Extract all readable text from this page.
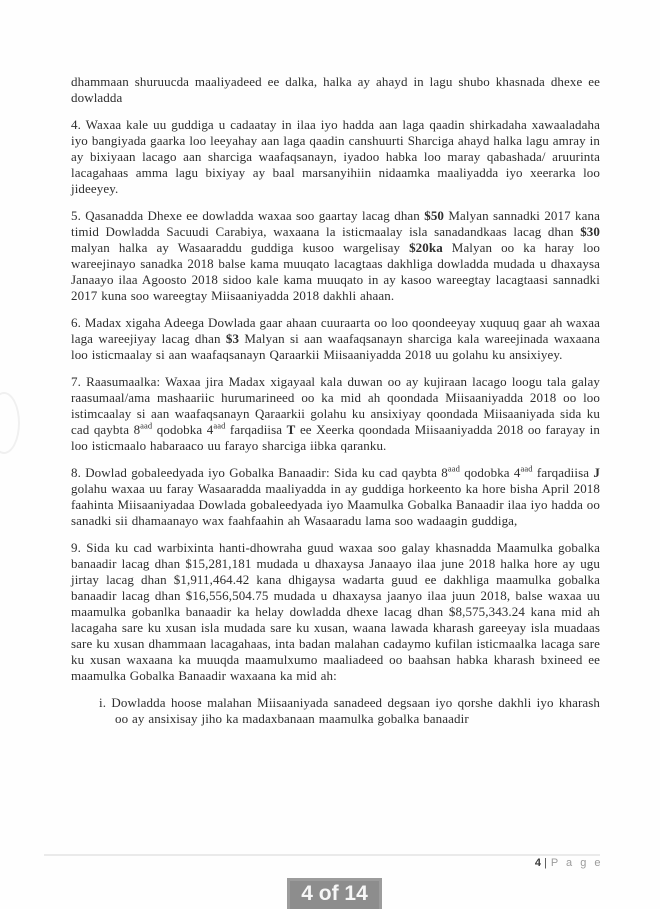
dhammaan shuruucda maaliyadeed ee dalka, halka ay ahayd in lagu shubo khasnada dhexe ee dowladda

4. Waxaa kale uu guddiga u cadaatay in ilaa iyo hadda aan laga qaadin shirkadaha xawaaladaha iyo bangiyada gaarka loo leeyahay aan laga qaadin canshuurti Sharciga ahayd halka lagu amray in ay bixiyaan lacago aan sharciga waafaqsanayn, iyadoo habka loo maray qabashada/ aruurinta lacagahaas amma lagu bixiyay ay baal marsanyihiin nidaamka maaliyadda iyo xeerarka loo jideeyey.

5. Qasanadda Dhexe ee dowladda waxaa soo gaartay lacag dhan $50 Malyan sannadki 2017 kana timid Dowladda Sacuudi Carabiya, waxaana la isticmaalay isla sanadandkaas lacag dhan $30 malyan halka ay Wasaaraddu guddiga kusoo wargelisay $20ka Malyan oo ka haray loo wareejinayo sanadka 2018 balse kama muuqato lacagtaas dakhliga dowladda mudada u dhaxaysa Janaayo ilaa Agoosto 2018 sidoo kale kama muuqato in ay kasoo wareegtay lacagtaasi sannadki 2017 kuna soo wareegtay Miisaaniyadda 2018 dakhli ahaan.

6. Madax xigaha Adeega Dowlada gaar ahaan cuuraarta oo loo qoondeeyay xuquuq gaar ah waxaa laga wareejiyay lacag dhan $3 Malyan si aan waafaqsanayn sharciga kala wareejinada waxaana loo isticmaalay si aan waafaqsanayn Qaraarkii Miisaaniyadda 2018 uu golahu ku ansixiyey.

7. Raasumaalka: Waxaa jira Madax xigayaal kala duwan oo ay kujiraan lacago loogu tala galay raasumaal/ama mashaariic hurumarineed oo ka mid ah qoondada Miisaaniyadda 2018 oo loo istimcaalay si aan waafaqsanayn Qaraarkii golahu ku ansixiyay qoondada Miisaaniyada sida ku cad qaybta $8^{aad}$ qodobka $4^{aad}$ farqadiisa T ee Xeerka qoondada Miisaaniyadda 2018 oo farayay in loo isticmaalo habaraaco uu farayo sharciga iibka qaranku.

8. Dowlad gobaleedyada iyo Gobalka Banaadir: Sida ku cad qaybta $8^{aad}$ qodobka $4^{aad}$ farqadiisa J golahu waxaa uu faray Wasaaradda maaliyadda in ay guddiga horkeento ka hore bisha April 2018 faahinta Miisaaniyadaa Dowlada gobaleedyada iyo Maamulka Gobalka Banaadir ilaa iyo hadda oo sanadki sii dhamaanayo wax faahfaahin ah Wasaaradu lama soo wadaagin guddiga,

9. Sida ku cad warbixinta hanti-dhowraha guud waxaa soo galay khasnadda Maamulka gobalka banaadir lacag dhan $15,281,181 mudada u dhaxaysa Janaayo ilaa june 2018 halka hore ay ugu jirtay lacag dhan $1,911,464.42 kana dhigaysa wadarta guud ee dakhliga maamulka gobalka banaadir lacag dhan $16,556,504.75 mudada u dhaxaysa jaanyo ilaa juun 2018, balse waxaa uu maamulka gobanlka banaadir ka helay dowladda dhexe lacag dhan $8,575,343.24 kana mid ah lacagaha sare ku xusan isla mudada sare ku xusan, waana lawada kharash gareeyay isla muadaas sare ku xusan dhammaan lacagahaas, inta badan malahan cadaymo kufilan isticmaalka lacaga sare ku xusan waxaana ka muuqda maamulxumo maaliadeed oo baahsan habka kharash bxineed ee maamulka Gobalka Banaadir waxaana ka mid ah:

i. Dowladda hoose malahan Miisaaniyada sanadeed degsaan iyo qorshe dakhli iyo kharash oo ay ansixisay jiho ka madaxbanaan maamulka gobalka banaadir

4 | P a g e
4 of 14
